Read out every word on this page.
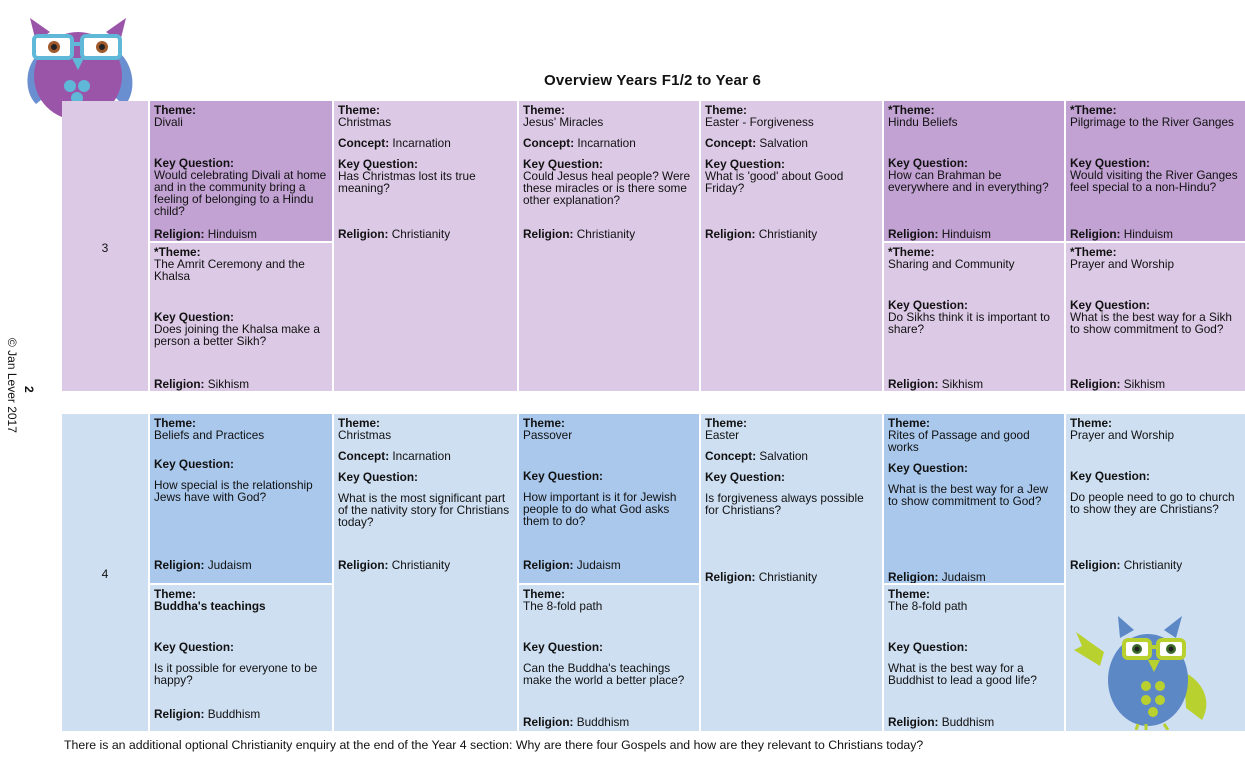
Overview Years F1/2 to Year 6
2
© Jan Lever 2017
3
Theme:
Divali
Key Question:
Would celebrating Divali at home and in the community bring a feeling of belonging to a Hindu child?
Religion: Hinduism
*Theme:
The Amrit Ceremony and the Khalsa
Key Question:
Does joining the Khalsa make a person a better Sikh?
Religion: Sikhism
Theme:
Christmas
Concept: Incarnation
Key Question:
Has Christmas lost its true meaning?
Religion: Christianity
Theme:
Jesus' Miracles
Concept: Incarnation
Key Question:
Could Jesus heal people? Were these miracles or is there some other explanation?
Religion: Christianity
Theme:
Easter - Forgiveness
Concept: Salvation
Key Question:
What is 'good' about Good Friday?
Religion: Christianity
*Theme:
Hindu Beliefs
Key Question:
How can Brahman be everywhere and in everything?
Religion: Hinduism
*Theme:
Sharing and Community
Key Question:
Do Sikhs think it is important to share?
Religion: Sikhism
*Theme:
Pilgrimage to the River Ganges
Key Question:
Would visiting the River Ganges feel special to a non-Hindu?
Religion: Hinduism
*Theme:
Prayer and Worship
Key Question:
What is the best way for a Sikh to show commitment to God?
Religion: Sikhism
4
Theme:
Beliefs and Practices
Key Question:
How special is the relationship Jews have with God?
Religion: Judaism
Theme:
Buddha's teachings
Key Question:
Is it possible for everyone to be happy?
Religion: Buddhism
Theme:
Christmas
Concept: Incarnation
Key Question:
What is the most significant part of the nativity story for Christians today?
Religion: Christianity
Theme:
Passover
Key Question:
How important is it for Jewish people to do what God asks them to do?
Religion: Judaism
Theme:
The 8-fold path
Key Question:
Can the Buddha's teachings make the world a better place?
Religion: Buddhism
Theme:
Easter
Concept: Salvation
Key Question:
Is forgiveness always possible for Christians?
Religion: Christianity
Theme:
Rites of Passage and good works
Key Question:
What is the best way for a Jew to show commitment to God?
Religion: Judaism
Theme:
The 8-fold path
Key Question:
What is the best way for a Buddhist to lead a good life?
Religion: Buddhism
Theme:
Prayer and Worship
Key Question:
Do people need to go to church to show they are Christians?
Religion: Christianity
There is an additional optional Christianity enquiry at the end of the Year 4 section: Why are there four Gospels and how are they relevant to Christians today?
